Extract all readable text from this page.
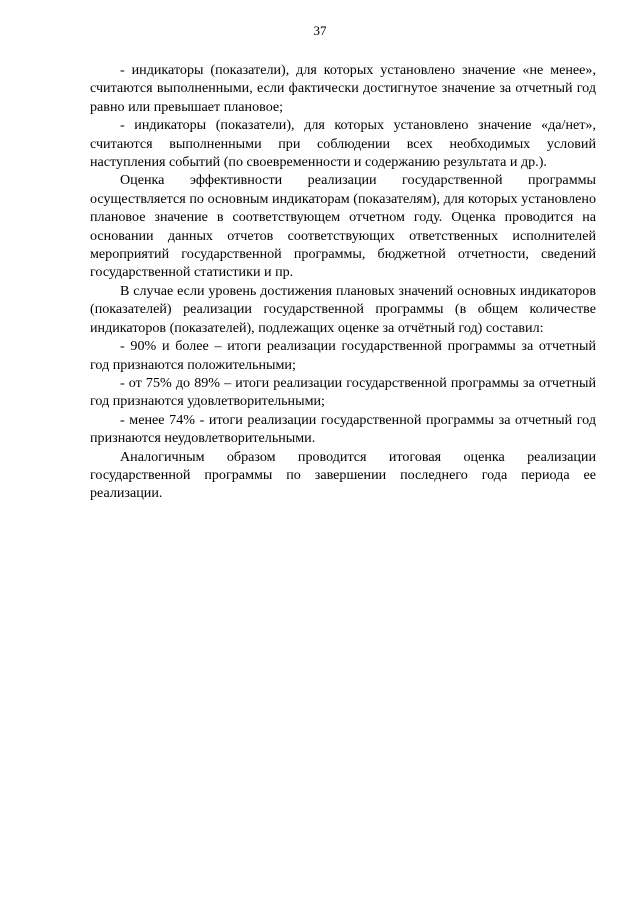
37

- индикаторы (показатели), для которых установлено значение «не менее», считаются выполненными, если фактически достигнутое значение за отчетный год равно или превышает плановое;

- индикаторы (показатели), для которых установлено значение «да/нет», считаются выполненными при соблюдении всех необходимых условий наступления событий (по своевременности и содержанию результата и др.).

Оценка эффективности реализации государственной программы осуществляется по основным индикаторам (показателям), для которых установлено плановое значение в соответствующем отчетном году. Оценка проводится на основании данных отчетов соответствующих ответственных исполнителей мероприятий государственной программы, бюджетной отчетности, сведений государственной статистики и пр.

В случае если уровень достижения плановых значений основных индикаторов (показателей) реализации государственной программы (в общем количестве индикаторов (показателей), подлежащих оценке за отчётный год) составил:

- 90% и более – итоги реализации государственной программы за отчетный год признаются положительными;

- от 75% до 89% – итоги реализации государственной программы за отчетный год признаются удовлетворительными;

- менее 74% - итоги реализации государственной программы за отчетный год признаются неудовлетворительными.

Аналогичным образом проводится итоговая оценка реализации государственной программы по завершении последнего года периода ее реализации.
